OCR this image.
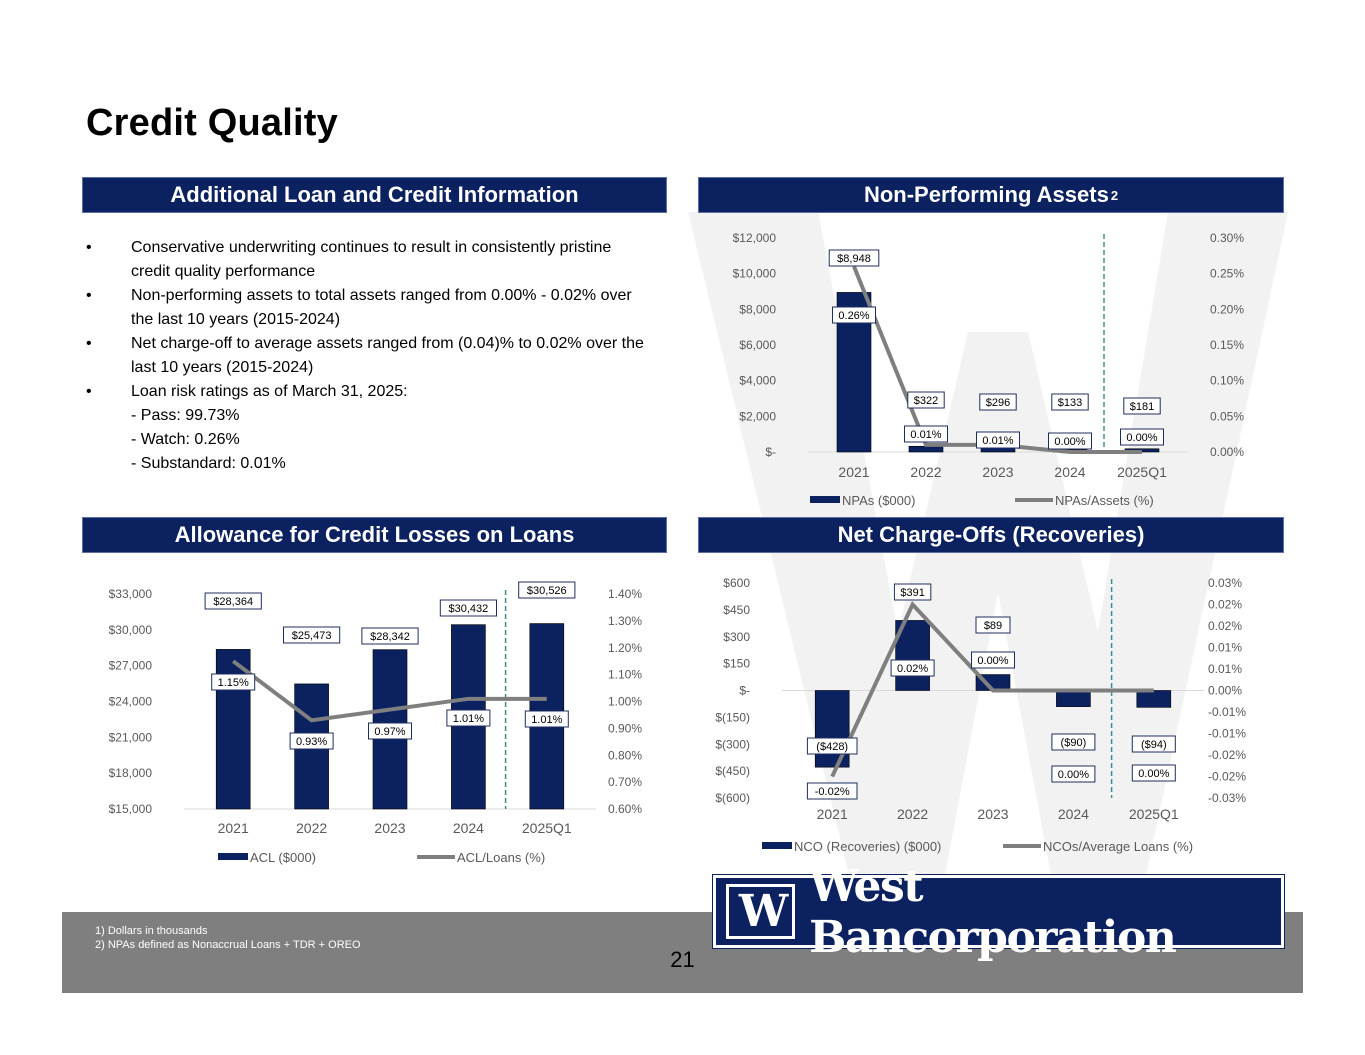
Credit Quality
Additional Loan and Credit Information	Non-Performing Assets 2
Allowance for Credit Losses on Loans	Net Charge-Offs (Recoveries)
•	Conservative underwriting continues to result in consistently pristine credit quality performance
•	Non-performing assets to total assets ranged from 0.00% - 0.02% over the last 10 years (2015-2024)
•	Net charge-off to average assets ranged from (0.04)% to 0.02% over the last 10 years (2015-2024)
•	Loan risk ratings as of March 31, 2025:
- Pass: 99.73%
- Watch: 0.26%
- Substandard: 0.01%
$-
$2,000
$4,000
$6,000
$8,000
$10,000
$12,000
0.00%
0.05%
0.10%
0.15%
0.20%
0.25%
0.30%
2021	2022	2023	2024 2025Q1
$8,948
$322	$296	$133	$181
0.26%
0.01%	0.01%	0.00%	0.00%
NPAs ($000)	NPAs/Assets (%)
$15,000
$18,000
$21,000
$24,000
$27,000
$30,000
$33,000
0.60%
0.70%
0.80%
0.90%
1.00%
1.10%
1.20%
1.30%
1.40%
2021	2022	2023	2024	2025Q1
$28,364
$25,473	$28,342
$30,432
$30,526
1.15%
0.93%
0.97%
1.01%	1.01%
ACL ($000)	ACL/Loans (%)
$(600)
$(450)
$(300)
$(150)
$-
$150
$300
$450
$600
-0.03%
-0.02%
-0.02%
-0.01%
-0.01%
0.00%
0.01%
0.01%
0.02%
0.02%
0.03%
2021	2022	2023	2024	2025Q1
($428)
$391
$89
($90)	($94)
-0.02%
0.02%
0.00%
0.00%	0.00%
NCO (Recoveries) ($000)	NCOs/Average Loans (%)
1) Dollars in thousands
2) NPAs defined as Nonaccrual Loans + TDR + OREO
21
W West Bancorporation
